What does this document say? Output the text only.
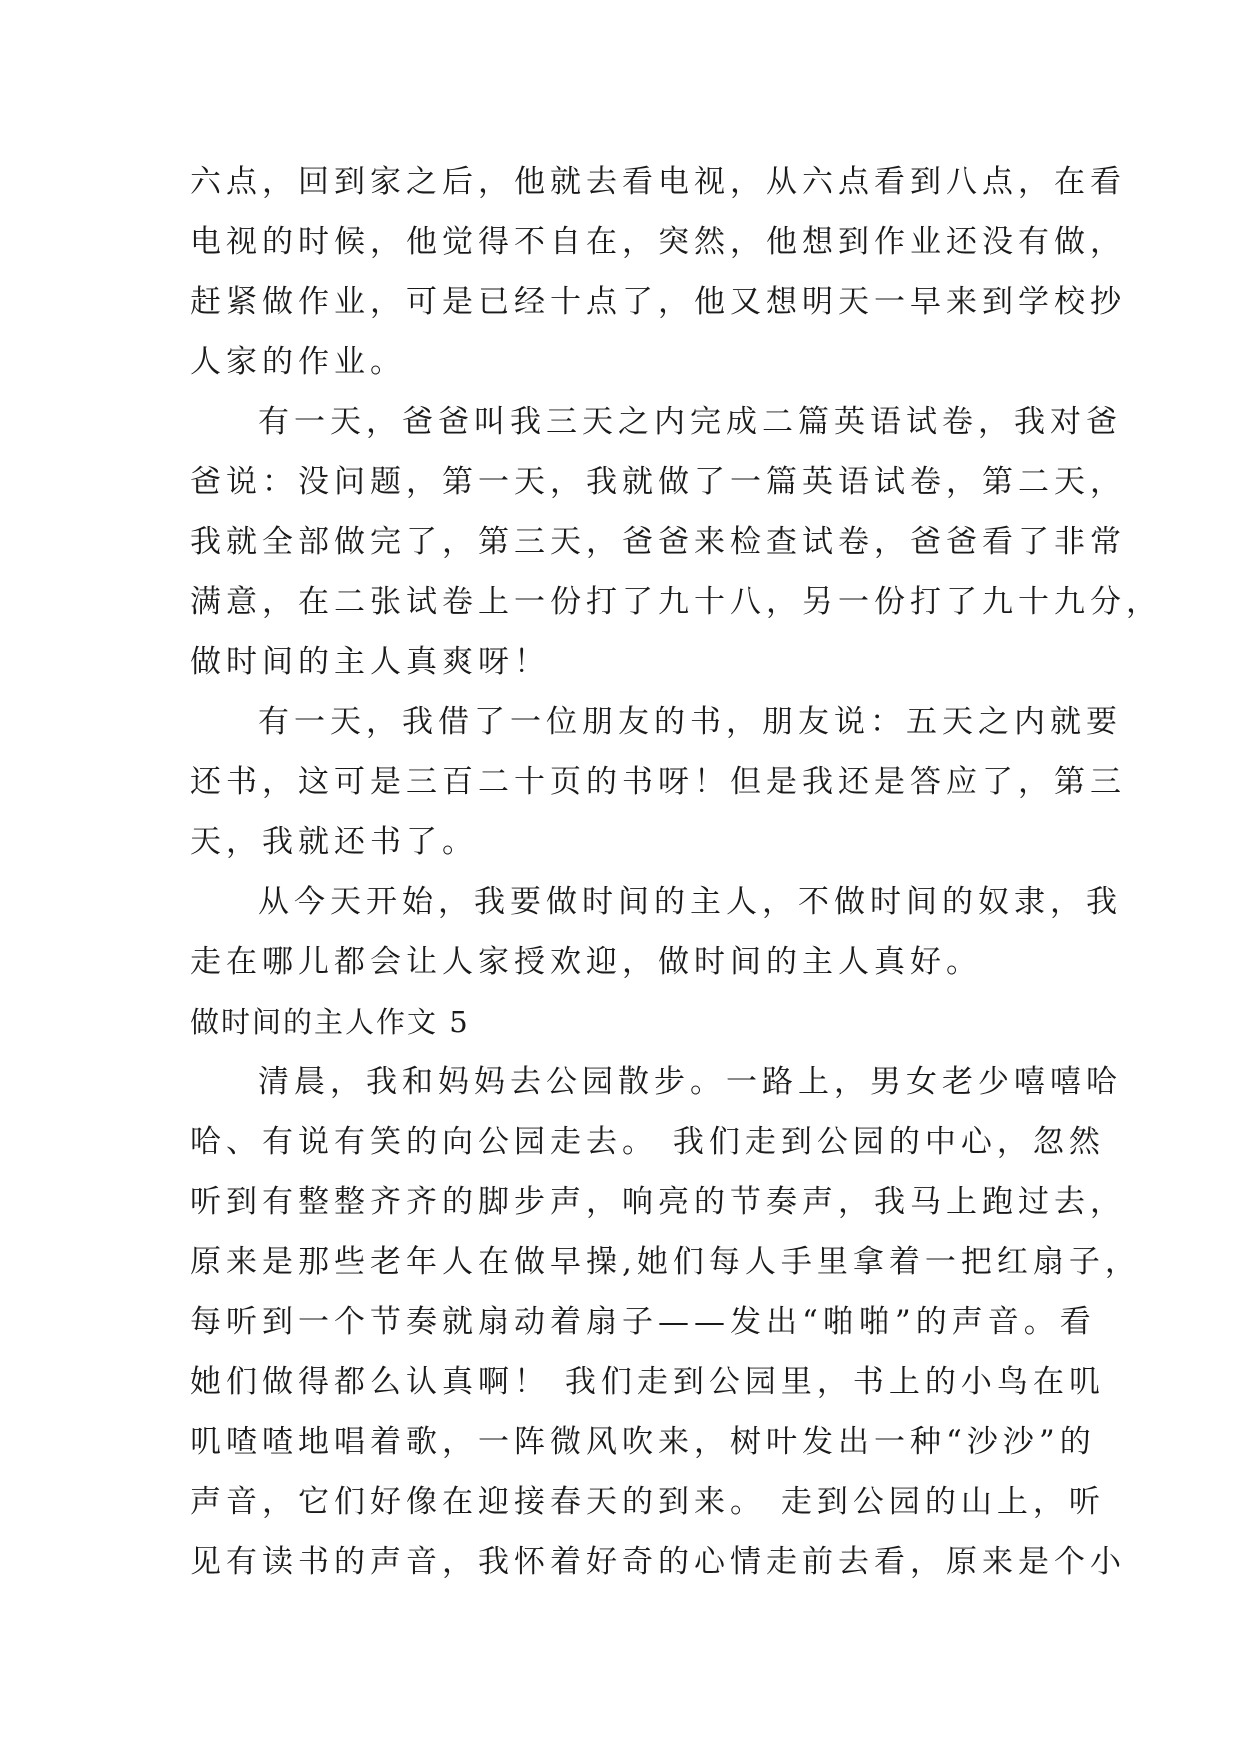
六点，回到家之后，他就去看电视，从六点看到八点，在看
电视的时候，他觉得不自在，突然，他想到作业还没有做，
赶紧做作业，可是已经十点了，他又想明天一早来到学校抄
人家的作业。
有一天，爸爸叫我三天之内完成二篇英语试卷，我对爸
爸说：没问题，第一天，我就做了一篇英语试卷，第二天，
我就全部做完了，第三天，爸爸来检查试卷，爸爸看了非常
满意，在二张试卷上一份打了九十八，另一份打了九十九分，
做时间的主人真爽呀！
有一天，我借了一位朋友的书，朋友说：五天之内就要
还书，这可是三百二十页的书呀！但是我还是答应了，第三
天，我就还书了。
从今天开始，我要做时间的主人，不做时间的奴隶，我
走在哪儿都会让人家授欢迎，做时间的主人真好。
做时间的主人作文 5
清晨，我和妈妈去公园散步。一路上，男女老少嘻嘻哈
哈、有说有笑的向公园走去。 我们走到公园的中心，忽然
听到有整整齐齐的脚步声，响亮的节奏声，我马上跑过去，
原来是那些老年人在做早操,她们每人手里拿着一把红扇子，
每听到一个节奏就扇动着扇子——发出“啪啪”的声音。看
她们做得都么认真啊！ 我们走到公园里，书上的小鸟在叽
叽喳喳地唱着歌，一阵微风吹来，树叶发出一种“沙沙”的
声音，它们好像在迎接春天的到来。 走到公园的山上，听
见有读书的声音，我怀着好奇的心情走前去看，原来是个小
